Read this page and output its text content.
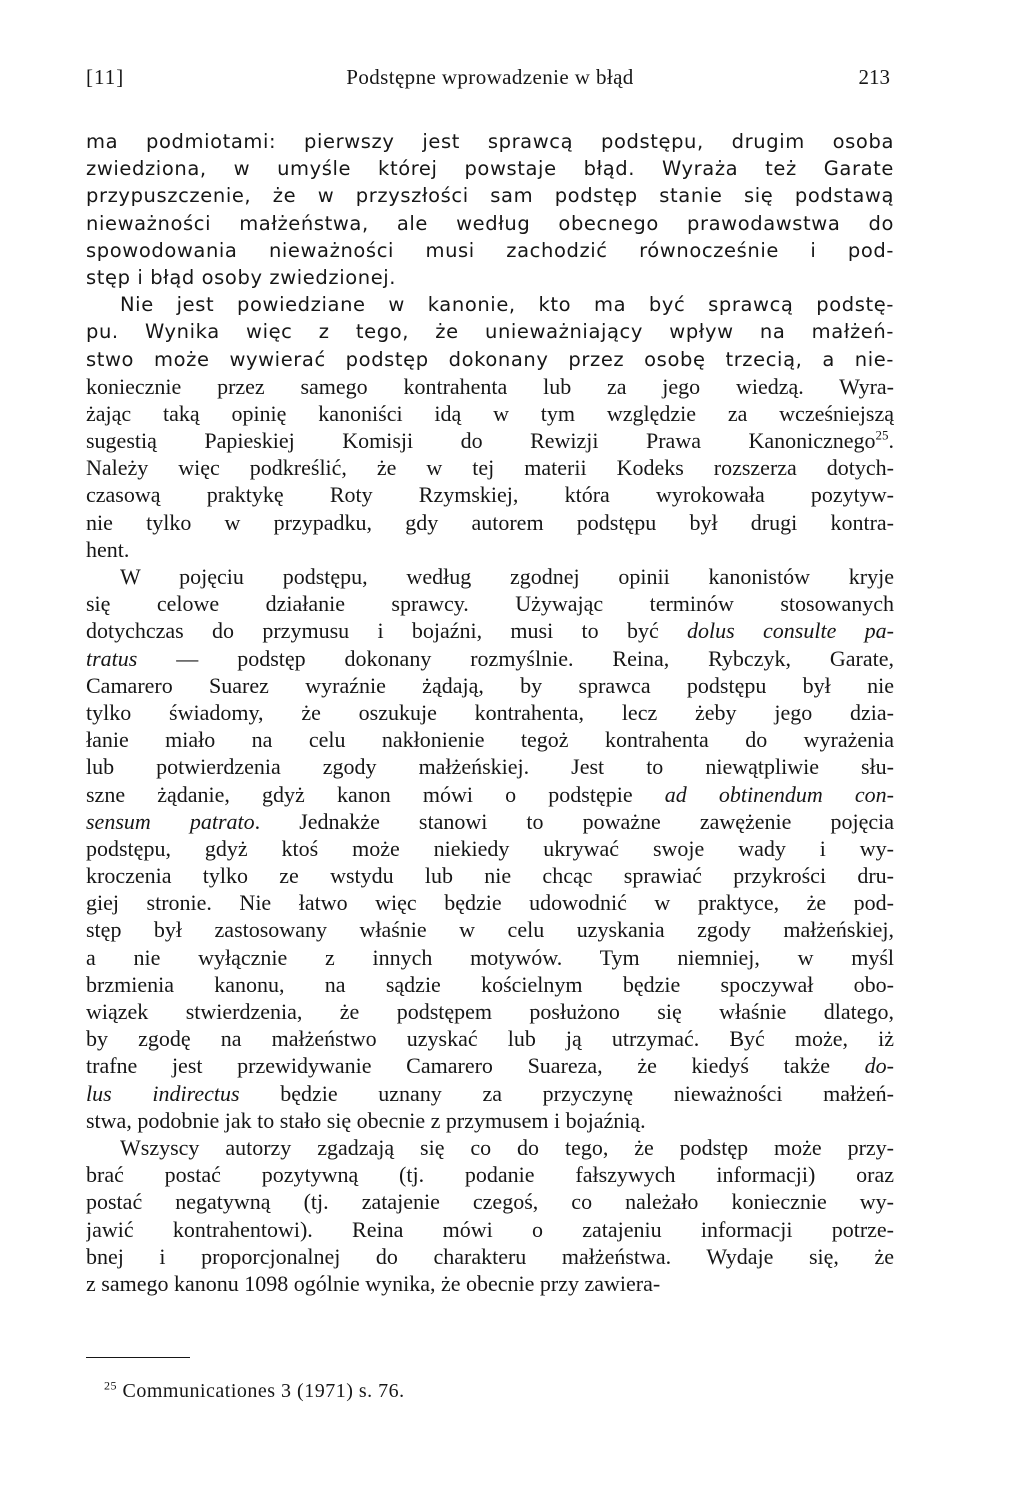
[11]	Podstępne wprowadzenie w błąd	213
ma podmiotami: pierwszy jest sprawcą podstępu, drugim osoba
zwiedziona, w umyśle której powstaje błąd. Wyraża też Garate
przypuszczenie, że w przyszłości sam podstęp stanie się podstawą
nieważności małżeństwa, ale według obecnego prawodawstwa do
spowodowania nieważności musi zachodzić równocześnie i pod-
stęp i błąd osoby zwiedzionej.
Nie jest powiedziane w kanonie, kto ma być sprawcą podstę-
pu. Wynika więc z tego, że unieważniający wpływ na małżeń-
stwo może wywierać podstęp dokonany przez osobę trzecią, a nie-
koniecznie przez samego kontrahenta lub za jego wiedzą. Wyra-
żając taką opinię kanoniści idą w tym względzie za wcześniejszą
sugestią Papieskiej Komisji do Rewizji Prawa Kanonicznego$^{25}$.
Należy więc podkreślić, że w tej materii Kodeks rozszerza dotych-
czasową praktykę Roty Rzymskiej, która wyrokowała pozytyw-
nie tylko w przypadku, gdy autorem podstępu był drugi kontra-
hent.
W pojęciu podstępu, według zgodnej opinii kanonistów kryje
się celowe działanie sprawcy. Używając terminów stosowanych
dotychczas do przymusu i bojaźni, musi to być dolus consulte pa-
tratus — podstęp dokonany rozmyślnie. Reina, Rybczyk, Garate,
Camarero Suarez wyraźnie żądają, by sprawca podstępu był nie
tylko świadomy, że oszukuje kontrahenta, lecz żeby jego dzia-
łanie miało na celu nakłonienie tegoż kontrahenta do wyrażenia
lub potwierdzenia zgody małżeńskiej. Jest to niewątpliwie słu-
szne żądanie, gdyż kanon mówi o podstępie ad obtinendum con-
sensum patrato. Jednakże stanowi to poważne zawężenie pojęcia
podstępu, gdyż ktoś może niekiedy ukrywać swoje wady i wy-
kroczenia tylko ze wstydu lub nie chcąc sprawiać przykrości dru-
giej stronie. Nie łatwo więc będzie udowodnić w praktyce, że pod-
stęp był zastosowany właśnie w celu uzyskania zgody małżeńskiej,
a nie wyłącznie z innych motywów. Tym niemniej, w myśl
brzmienia kanonu, na sądzie kościelnym będzie spoczywał obo-
wiązek stwierdzenia, że podstępem posłużono się właśnie dlatego,
by zgodę na małżeństwo uzyskać lub ją utrzymać. Być może, iż
trafne jest przewidywanie Camarero Suareza, że kiedyś także do-
lus indirectus będzie uznany za przyczynę nieważności małżeń-
stwa, podobnie jak to stało się obecnie z przymusem i bojaźnią.
Wszyscy autorzy zgadzają się co do tego, że podstęp może przy-
brać postać pozytywną (tj. podanie fałszywych informacji) oraz
postać negatywną (tj. zatajenie czegoś, co należało koniecznie wy-
jawić kontrahentowi). Reina mówi o zatajeniu informacji potrze-
bnej i proporcjonalnej do charakteru małżeństwa. Wydaje się, że
z samego kanonu 1098 ogólnie wynika, że obecnie przy zawiera-
$^{25}$ Communicationes 3 (1971) s. 76.
